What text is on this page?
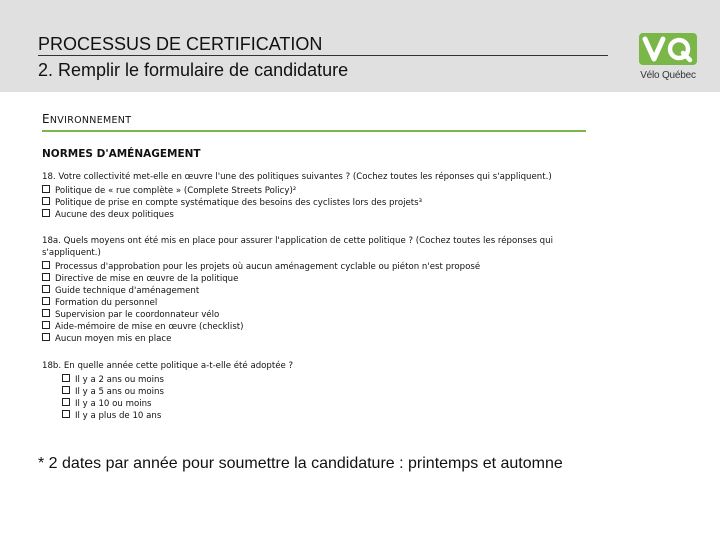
PROCESSUS DE CERTIFICATION
2. Remplir le formulaire de candidature	Vélo Québec
ENVIRONNEMENT
NORMES D'AMÉNAGEMENT
18. Votre collectivité met-elle en œuvre l'une des politiques suivantes ? (Cochez toutes les réponses qui s'appliquent.)
Politique de « rue complète » (Complete Streets Policy)²
Politique de prise en compte systématique des besoins des cyclistes lors des projets³
Aucune des deux politiques
18a. Quels moyens ont été mis en place pour assurer l'application de cette politique ? (Cochez toutes les réponses qui
s'appliquent.)
Processus d'approbation pour les projets où aucun aménagement cyclable ou piéton n'est proposé
Directive de mise en œuvre de la politique
Guide technique d'aménagement
Formation du personnel
Supervision par le coordonnateur vélo
Aide-mémoire de mise en œuvre (checklist)
Aucun moyen mis en place
18b. En quelle année cette politique a-t-elle été adoptée ?
Il y a 2 ans ou moins
Il y a 5 ans ou moins
Il y a 10 ou moins
Il y a plus de 10 ans
* 2 dates par année pour soumettre la candidature : printemps et automne
